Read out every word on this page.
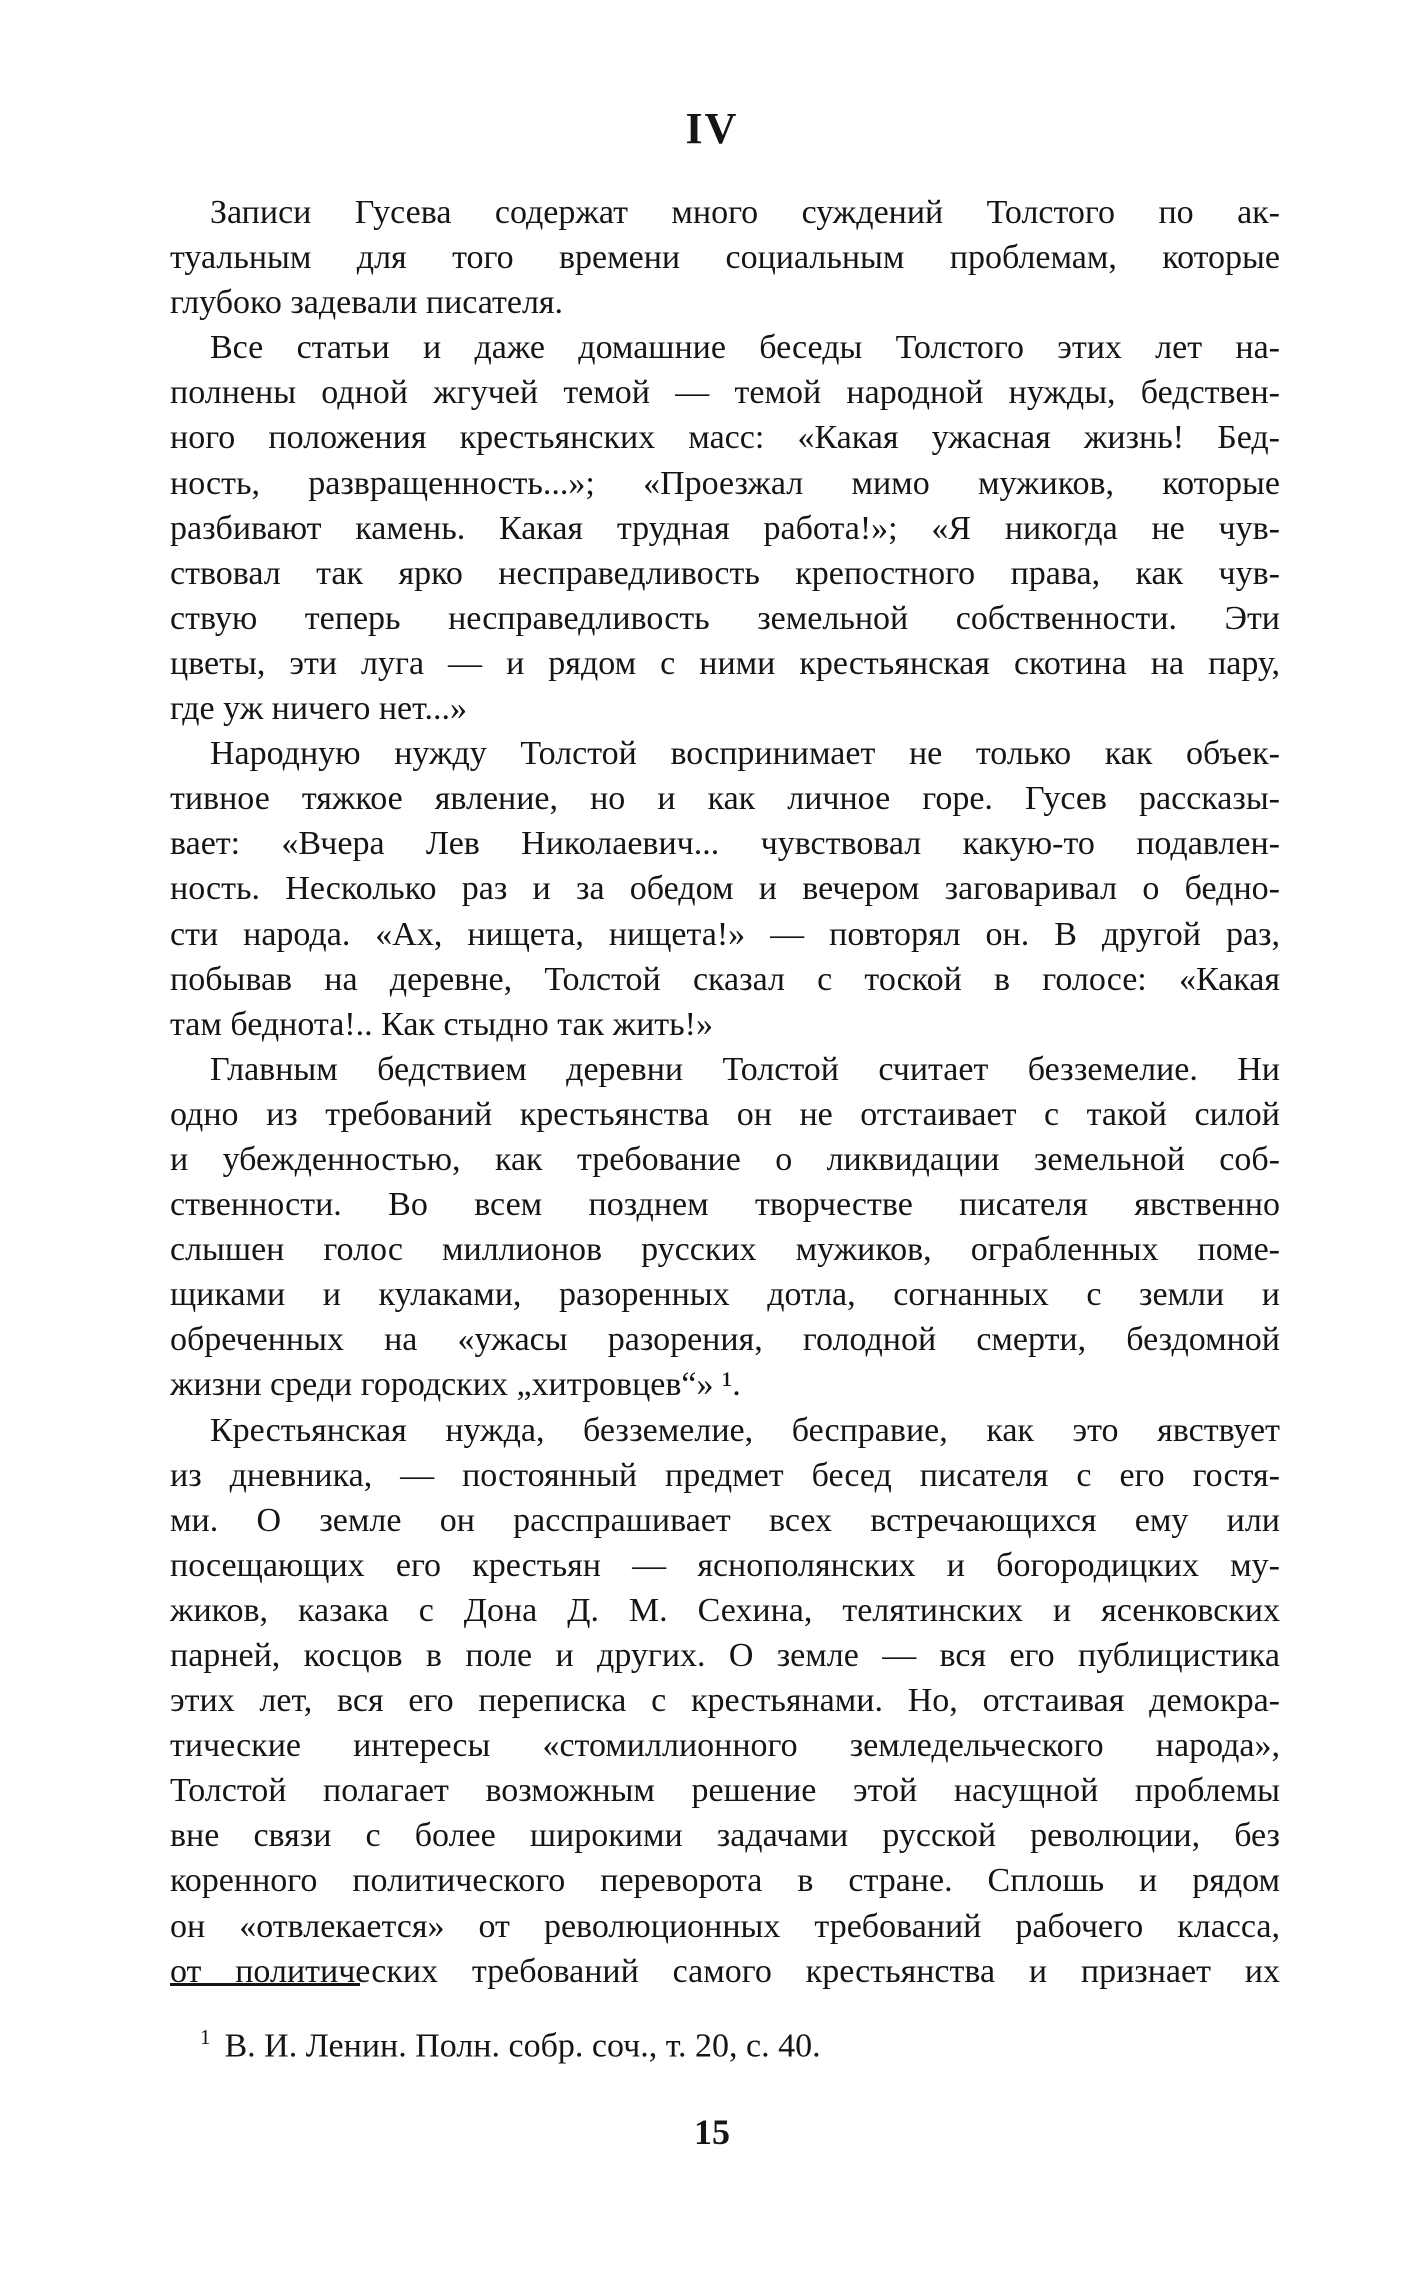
IV
Записи Гусева содержат много суждений Толстого по ак-
туальным для того времени социальным проблемам, которые
глубоко задевали писателя.
Все статьи и даже домашние беседы Толстого этих лет на-
полнены одной жгучей темой — темой народной нужды, бедствен-
ного положения крестьянских масс: «Какая ужасная жизнь! Бед-
ность, развращенность...»; «Проезжал мимо мужиков, которые
разбивают камень. Какая трудная работа!»; «Я никогда не чув-
ствовал так ярко несправедливость крепостного права, как чув-
ствую теперь несправедливость земельной собственности. Эти
цветы, эти луга — и рядом с ними крестьянская скотина на пару,
где уж ничего нет...»
Народную нужду Толстой воспринимает не только как объек-
тивное тяжкое явление, но и как личное горе. Гусев рассказы-
вает: «Вчера Лев Николаевич... чувствовал какую-то подавлен-
ность. Несколько раз и за обедом и вечером заговаривал о бедно-
сти народа. «Ах, нищета, нищета!» — повторял он. В другой раз,
побывав на деревне, Толстой сказал с тоской в голосе: «Какая
там беднота!.. Как стыдно так жить!»
Главным бедствием деревни Толстой считает безземелие. Ни
одно из требований крестьянства он не отстаивает с такой силой
и убежденностью, как требование о ликвидации земельной соб-
ственности. Во всем позднем творчестве писателя явственно
слышен голос миллионов русских мужиков, ограбленных поме-
щиками и кулаками, разоренных дотла, согнанных с земли и
обреченных на «ужасы разорения, голодной смерти, бездомной
жизни среди городских „хитровцев“» ¹.
Крестьянская нужда, безземелие, бесправие, как это явствует
из дневника, — постоянный предмет бесед писателя с его гостя-
ми. О земле он расспрашивает всех встречающихся ему или
посещающих его крестьян — яснополянских и богородицких му-
жиков, казака с Дона Д. М. Сехина, телятинских и ясенковских
парней, косцов в поле и других. О земле — вся его публицистика
этих лет, вся его переписка с крестьянами. Но, отстаивая демокра-
тические интересы «стомиллионного земледельческого народа»,
Толстой полагает возможным решение этой насущной проблемы
вне связи с более широкими задачами русской революции, без
коренного политического переворота в стране. Сплошь и рядом
он «отвлекается» от революционных требований рабочего класса,
от политических требований самого крестьянства и признает их
$^1$ В. И. Ленин. Полн. собр. соч., т. 20, с. 40.
15
